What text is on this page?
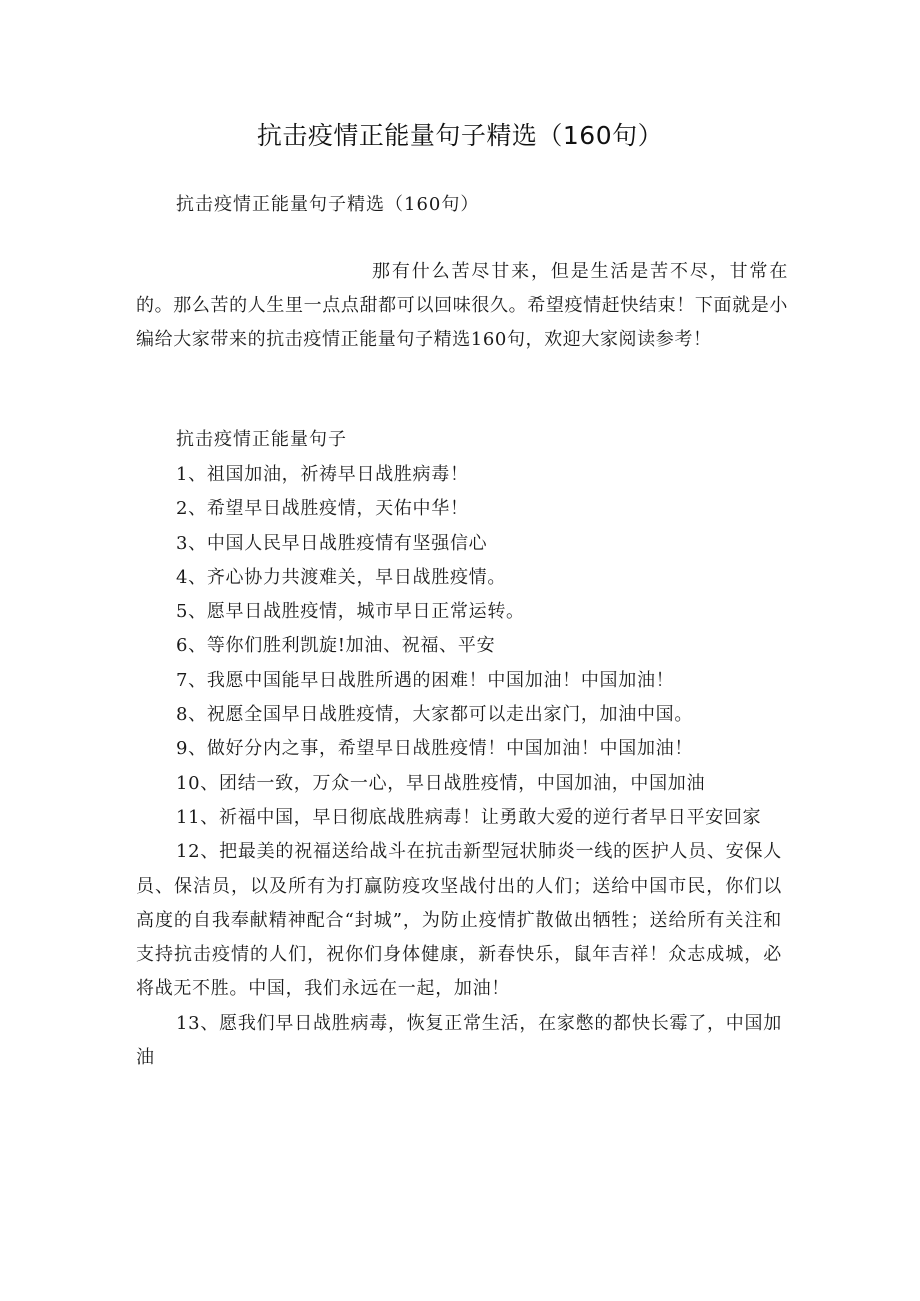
抗击疫情正能量句子精选（160句）
抗击疫情正能量句子精选（160句）
那有什么苦尽甘来，但是生活是苦不尽，甘常在的。那么苦的人生里一点点甜都可以回味很久。希望疫情赶快结束！下面就是小编给大家带来的抗击疫情正能量句子精选160句，欢迎大家阅读参考！
抗击疫情正能量句子
1、祖国加油，祈祷早日战胜病毒！
2、希望早日战胜疫情，天佑中华！
3、中国人民早日战胜疫情有坚强信心
4、齐心协力共渡难关，早日战胜疫情。
5、愿早日战胜疫情，城市早日正常运转。
6、等你们胜利凯旋!加油、祝福、平安
7、我愿中国能早日战胜所遇的困难！中国加油！中国加油！
8、祝愿全国早日战胜疫情，大家都可以走出家门，加油中国。
9、做好分内之事，希望早日战胜疫情！中国加油！中国加油！
10、团结一致，万众一心，早日战胜疫情，中国加油，中国加油
11、祈福中国，早日彻底战胜病毒！让勇敢大爱的逆行者早日平安回家
12、把最美的祝福送给战斗在抗击新型冠状肺炎一线的医护人员、安保人员、保洁员，以及所有为打赢防疫攻坚战付出的人们；送给中国市民，你们以高度的自我奉献精神配合“封城”，为防止疫情扩散做出牺牲；送给所有关注和支持抗击疫情的人们，祝你们身体健康，新春快乐，鼠年吉祥！众志成城，必将战无不胜。中国，我们永远在一起，加油！
13、愿我们早日战胜病毒，恢复正常生活，在家憋的都快长霉了，中国加油
